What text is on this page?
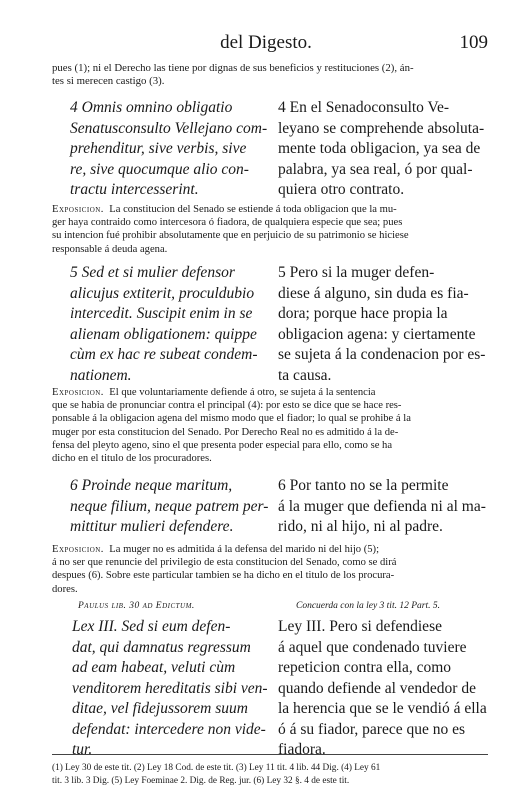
del Digesto.	109
pues (1); ni el Derecho las tiene por dignas de sus beneficios y restituciones (2), án-
tes si merecen castigo (3).
4 Omnis omnino obligatio
Senatusconsulto Vellejano com-
prehenditur, sive verbis, sive
re, sive quocumque alio con-
tractu intercesserint.
4 En el Senadoconsulto Ve-
leyano se comprehende absoluta-
mente toda obligacion, ya sea de
palabra, ya sea real, ó por qual-
quiera otro contrato.
Exposicion. La constitucion del Senado se estiende á toda obligacion que la mu-
ger haya contraido como intercesora ó fiadora, de qualquiera especie que sea; pues
su intencion fué prohibir absolutamente que en perjuicio de su patrimonio se hiciese
responsable á deuda agena.
5 Sed et si mulier defensor
alicujus extiterit, proculdubio
intercedit. Suscipit enim in se
alienam obligationem: quippe
cùm ex hac re subeat condem-
nationem.
5 Pero si la muger defen-
diese á alguno, sin duda es fia-
dora; porque hace propia la
obligacion agena: y ciertamente
se sujeta á la condenacion por es-
ta causa.
Exposicion. El que voluntariamente defiende á otro, se sujeta á la sentencia
que se habia de pronunciar contra el principal (4): por esto se dice que se hace res-
ponsable á la obligacion agena del mismo modo que el fiador; lo qual se prohibe á la
muger por esta constitucion del Senado. Por Derecho Real no es admitido á la de-
fensa del pleyto ageno, sino el que presenta poder especial para ello, como se ha
dicho en el titulo de los procuradores.
6 Proinde neque maritum,
neque filium, neque patrem per-
mittitur mulieri defendere.
6 Por tanto no se la permite
á la muger que defienda ni al ma-
rido, ni al hijo, ni al padre.
Exposicion. La muger no es admitida á la defensa del marido ni del hijo (5);
á no ser que renuncie del privilegio de esta constitucion del Senado, como se dirá
despues (6). Sobre este particular tambien se ha dicho en el titulo de los procura-
dores.
Paulus lib. 30 ad Edictum.	Concuerda con la ley 3 tit. 12 Part. 5.
Lex III. Sed si eum defen-
dat, qui damnatus regressum
ad eam habeat, veluti cùm
venditorem hereditatis sibi ven-
ditae, vel fidejussorem suum
defendat: intercedere non vide-
tur.
Ley III. Pero si defendiese
á aquel que condenado tuviere
repeticion contra ella, como
quando defiende al vendedor de
la herencia que se le vendió á ella
ó á su fiador, parece que no es
fiadora.
(1) Ley 30 de este tit. (2) Ley 18 Cod. de este tit. (3) Ley 11 tit. 4 lib. 44 Dig. (4) Ley 61
tit. 3 lib. 3 Dig. (5) Ley Foeminae 2. Dig. de Reg. jur. (6) Ley 32 §. 4 de este tit.
